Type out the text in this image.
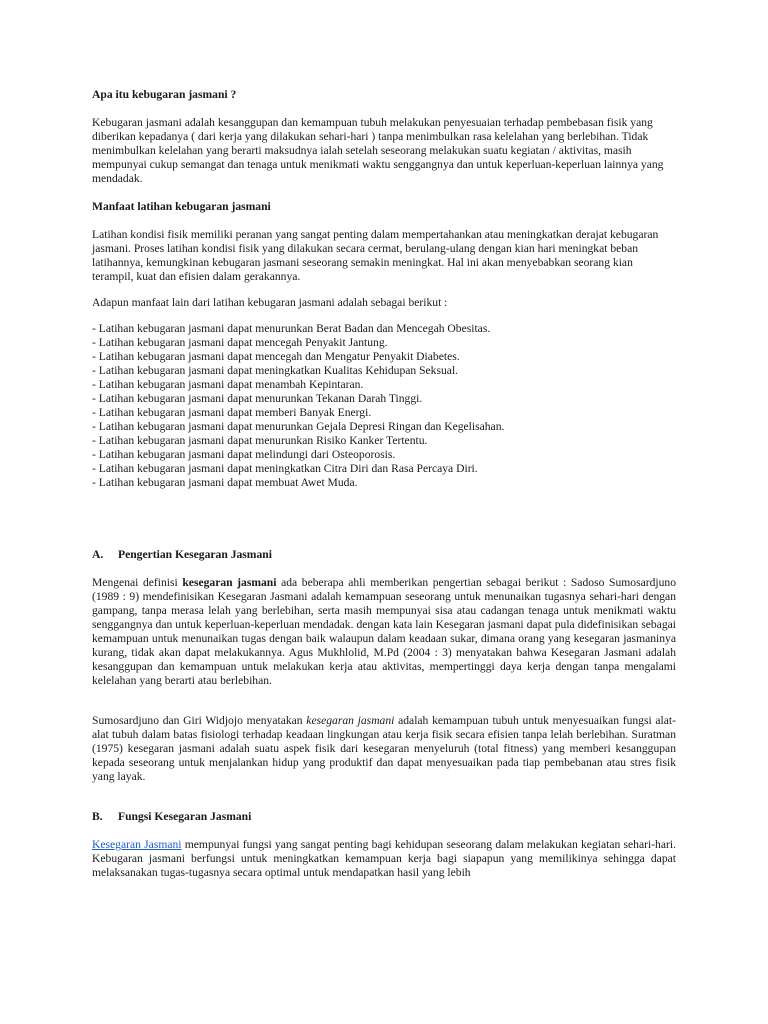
Apa itu kebugaran jasmani ?

Kebugaran jasmani adalah kesanggupan dan kemampuan tubuh melakukan penyesuaian terhadap pembebasan fisik yang diberikan kepadanya ( dari kerja yang dilakukan sehari-hari ) tanpa menimbulkan rasa kelelahan yang berlebihan. Tidak menimbulkan kelelahan yang berarti maksudnya ialah setelah seseorang melakukan suatu kegiatan / aktivitas, masih mempunyai cukup semangat dan tenaga untuk menikmati waktu senggangnya dan untuk keperluan-keperluan lainnya yang mendadak.

Manfaat latihan kebugaran jasmani

Latihan kondisi fisik memiliki peranan yang sangat penting dalam mempertahankan atau meningkatkan derajat kebugaran jasmani. Proses latihan kondisi fisik yang dilakukan secara cermat, berulang-ulang dengan kian hari meningkat beban latihannya, kemungkinan kebugaran jasmani seseorang semakin meningkat. Hal ini akan menyebabkan seorang kian terampil, kuat dan efisien dalam gerakannya.

Adapun manfaat lain dari latihan kebugaran jasmani adalah sebagai berikut :

- Latihan kebugaran jasmani dapat menurunkan Berat Badan dan Mencegah Obesitas.
- Latihan kebugaran jasmani dapat mencegah Penyakit Jantung.
- Latihan kebugaran jasmani dapat mencegah dan Mengatur Penyakit Diabetes.
- Latihan kebugaran jasmani dapat meningkatkan Kualitas Kehidupan Seksual.
- Latihan kebugaran jasmani dapat menambah Kepintaran.
- Latihan kebugaran jasmani dapat menurunkan Tekanan Darah Tinggi.
- Latihan kebugaran jasmani dapat memberi Banyak Energi.
- Latihan kebugaran jasmani dapat menurunkan Gejala Depresi Ringan dan Kegelisahan.
- Latihan kebugaran jasmani dapat menurunkan Risiko Kanker Tertentu.
- Latihan kebugaran jasmani dapat melindungi dari Osteoporosis.
- Latihan kebugaran jasmani dapat meningkatkan Citra Diri dan Rasa Percaya Diri.
- Latihan kebugaran jasmani dapat membuat Awet Muda.
A.	Pengertian Kesegaran Jasmani

Mengenai definisi kesegaran jasmani ada beberapa ahli memberikan pengertian sebagai berikut : Sadoso Sumosardjuno (1989 : 9) mendefinisikan Kesegaran Jasmani adalah kemampuan seseorang untuk menunaikan tugasnya sehari-hari dengan gampang, tanpa merasa lelah yang berlebihan, serta masih mempunyai sisa atau cadangan tenaga untuk menikmati waktu senggangnya dan untuk keperluan-keperluan mendadak. dengan kata lain Kesegaran jasmani dapat pula didefinisikan sebagai kemampuan untuk menunaikan tugas dengan baik walaupun dalam keadaan sukar, dimana orang yang kesegaran jasmaninya kurang, tidak akan dapat melakukannya. Agus Mukhlolid, M.Pd (2004 : 3) menyatakan bahwa Kesegaran Jasmani adalah kesanggupan dan kemampuan untuk melakukan kerja atau aktivitas, mempertinggi daya kerja dengan tanpa mengalami kelelahan yang berarti atau berlebihan.

Sumosardjuno dan Giri Widjojo menyatakan kesegaran jasmani adalah kemampuan tubuh untuk menyesuaikan fungsi alat-alat tubuh dalam batas fisiologi terhadap keadaan lingkungan atau kerja fisik secara efisien tanpa lelah berlebihan. Suratman (1975) kesegaran jasmani adalah suatu aspek fisik dari kesegaran menyeluruh (total fitness) yang memberi kesanggupan kepada seseorang untuk menjalankan hidup yang produktif dan dapat menyesuaikan pada tiap pembebanan atau stres fisik yang layak.

B.	Fungsi Kesegaran Jasmani

Kesegaran Jasmani mempunyai fungsi yang sangat penting bagi kehidupan seseorang dalam melakukan kegiatan sehari-hari. Kebugaran jasmani berfungsi untuk meningkatkan kemampuan kerja bagi siapapun yang memilikinya sehingga dapat melaksanakan tugas-tugasnya secara optimal untuk mendapatkan hasil yang lebih
